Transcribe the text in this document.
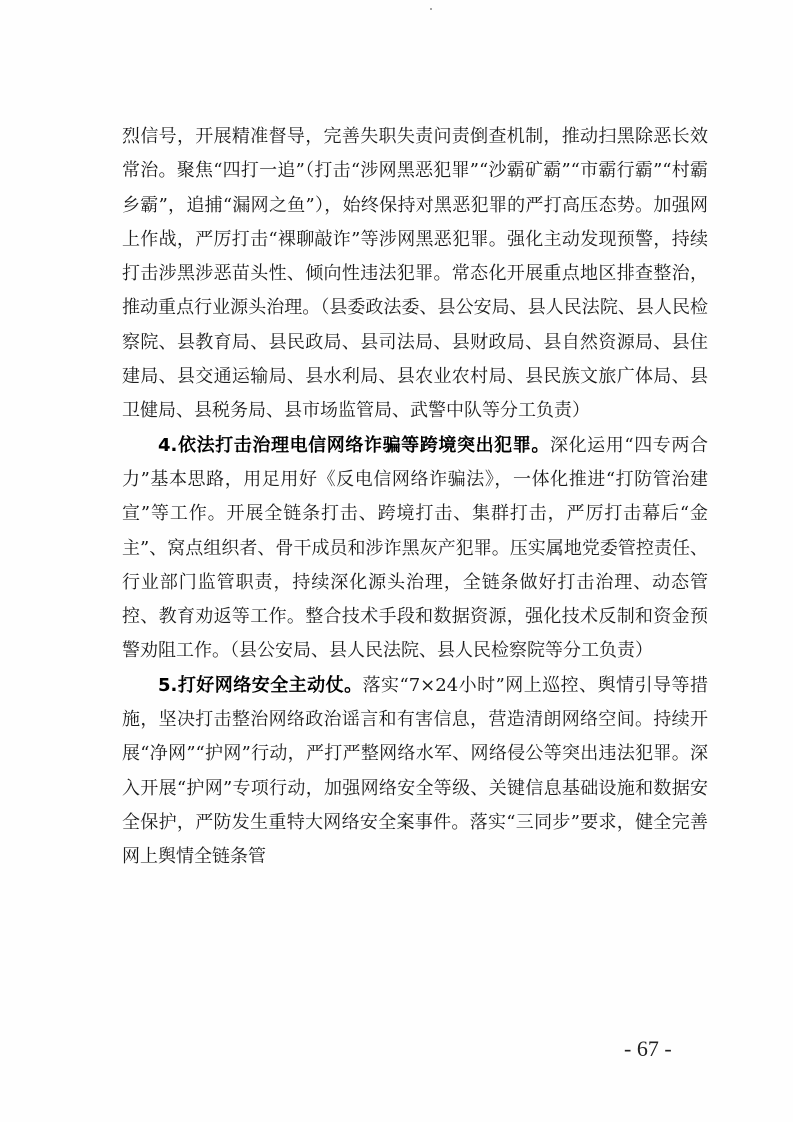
烈信号，开展精准督导，完善失职失责问责倒查机制，推动扫黑除恶长效常治。聚焦“四打一追”（打击“涉网黑恶犯罪”“沙霸矿霸”“市霸行霸”“村霸乡霸”，追捕“漏网之鱼”），始终保持对黑恶犯罪的严打高压态势。加强网上作战，严厉打击“裸聊敲诈”等涉网黑恶犯罪。强化主动发现预警，持续打击涉黑涉恶苗头性、倾向性违法犯罪。常态化开展重点地区排查整治，推动重点行业源头治理。（县委政法委、县公安局、县人民法院、县人民检察院、县教育局、县民政局、县司法局、县财政局、县自然资源局、县住建局、县交通运输局、县水利局、县农业农村局、县民族文旅广体局、县卫健局、县税务局、县市场监管局、武警中队等分工负责）

4.依法打击治理电信网络诈骗等跨境突出犯罪。深化运用“四专两合力”基本思路，用足用好《反电信网络诈骗法》，一体化推进“打防管治建宣”等工作。开展全链条打击、跨境打击、集群打击，严厉打击幕后“金主”、窝点组织者、骨干成员和涉诈黑灰产犯罪。压实属地党委管控责任、行业部门监管职责，持续深化源头治理，全链条做好打击治理、动态管控、教育劝返等工作。整合技术手段和数据资源，强化技术反制和资金预警劝阻工作。（县公安局、县人民法院、县人民检察院等分工负责）

5.打好网络安全主动仗。落实“7×24小时”网上巡控、舆情引导等措施，坚决打击整治网络政治谣言和有害信息，营造清朗网络空间。持续开展“净网”“护网”行动，严打严整网络水军、网络侵公等突出违法犯罪。深入开展“护网”专项行动，加强网络安全等级、关键信息基础设施和数据安全保护，严防发生重特大网络安全案事件。落实“三同步”要求，健全完善网上舆情全链条管

- 67 -
